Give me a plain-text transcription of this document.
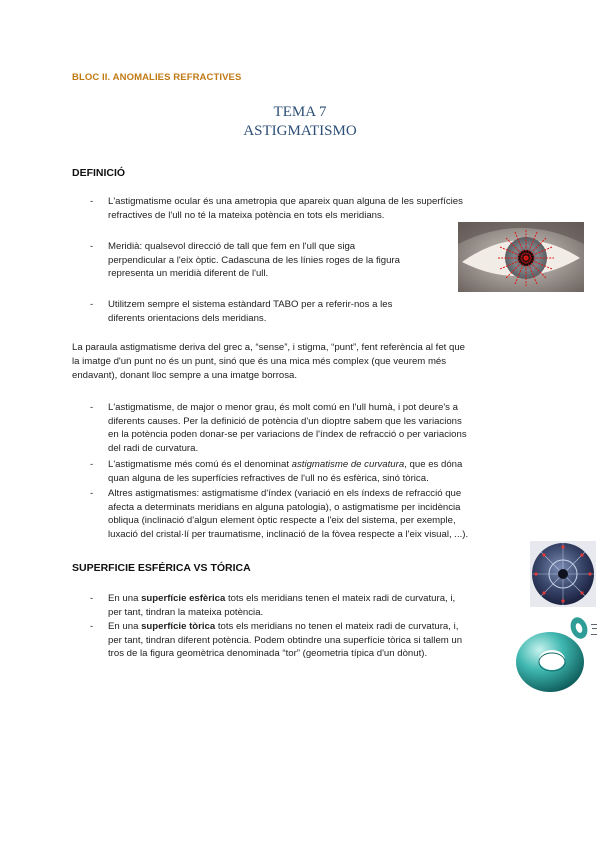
BLOC II. ANOMALIES REFRACTIVES
TEMA 7
ASTIGMATISMO
DEFINICIÓ
- L'astigmatisme ocular és una ametropia que apareix quan alguna de les superfícies
refractives de l'ull no té la mateixa potència en tots els meridians.
- Meridià: qualsevol direcció de tall que fem en l'ull que siga
perpendicular a l'eix òptic. Cadascuna de les línies roges de la figura
representa un meridià diferent de l'ull.
- Utilitzem sempre el sistema estàndard TABO per a referir-nos a les
diferents orientacions dels meridians.
La paraula astigmatisme deriva del grec a, “sense”, i stigma, “punt”, fent referència al fet que
la imatge d'un punt no és un punt, sinó que és una mica més complex (que veurem més
endavant), donant lloc sempre a una imatge borrosa.
- L'astigmatisme, de major o menor grau, és molt comú en l'ull humà, i pot deure's a
diferents causes. Per la definició de potència d'un dioptre sabem que les variacions
en la potència poden donar-se per variacions de l'índex de refracció o per variacions
del radi de curvatura.
- L'astigmatisme més comú és el denominat astigmatisme de curvatura, que es dóna
quan alguna de les superfícies refractives de l'ull no és esfèrica, sinó tòrica.
- Altres astigmatismes: astigmatisme d'índex (variació en els índexs de refracció que
afecta a determinats meridians en alguna patologia), o astigmatisme per incidència
obliqua (inclinació d'algun element òptic respecte a l'eix del sistema, per exemple,
luxació del cristal·lí per traumatisme, inclinació de la fòvea respecte a l'eix visual, ...).
SUPERFICIE ESFÉRICA VS TÓRICA
- En una superfície esfèrica tots els meridians tenen el mateix radi de curvatura, i,
per tant, tindran la mateixa potència.
- En una superfície tòrica tots els meridians no tenen el mateix radi de curvatura, i,
per tant, tindran diferent potència. Podem obtindre una superfície tòrica si tallem un
tros de la figura geomètrica denominada “tor” (geometria típica d'un dònut).
